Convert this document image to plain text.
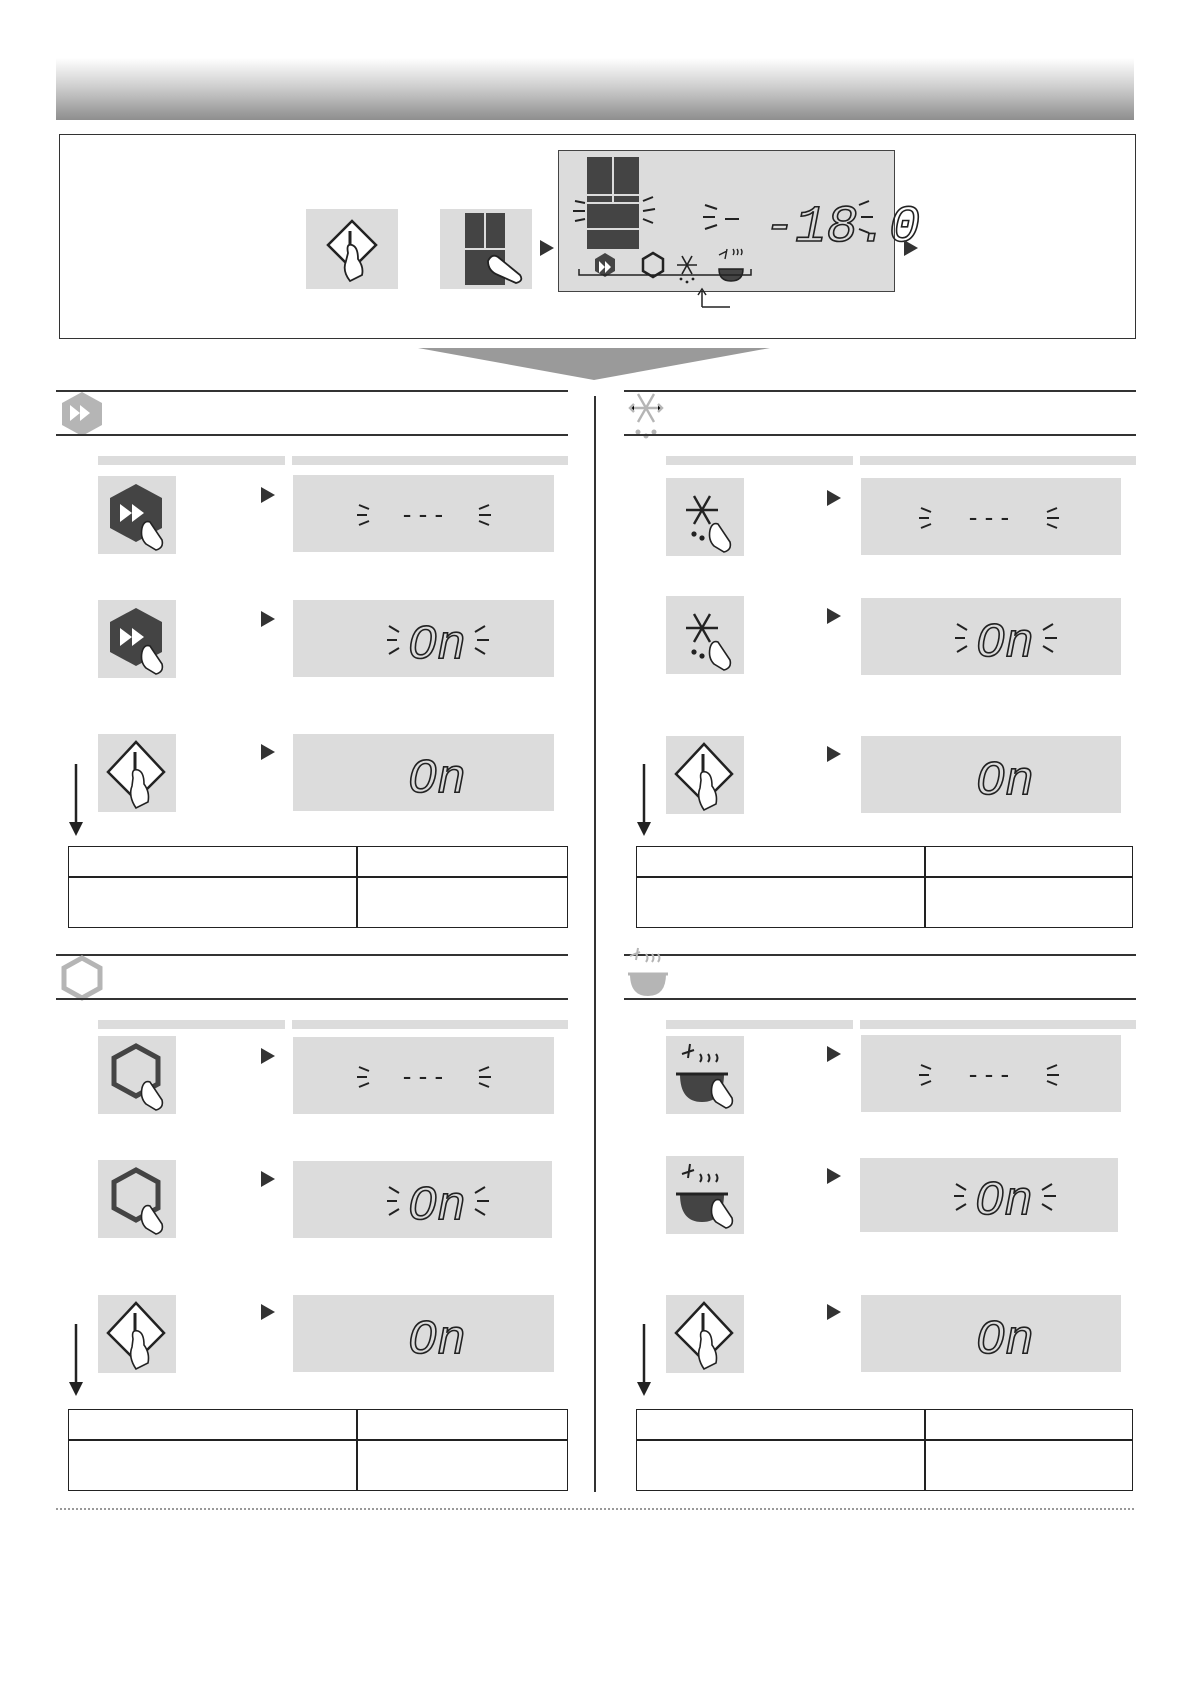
-18.0
- - -
On
On
- - -
On
On
- - -
On
On
- - -
On
On
